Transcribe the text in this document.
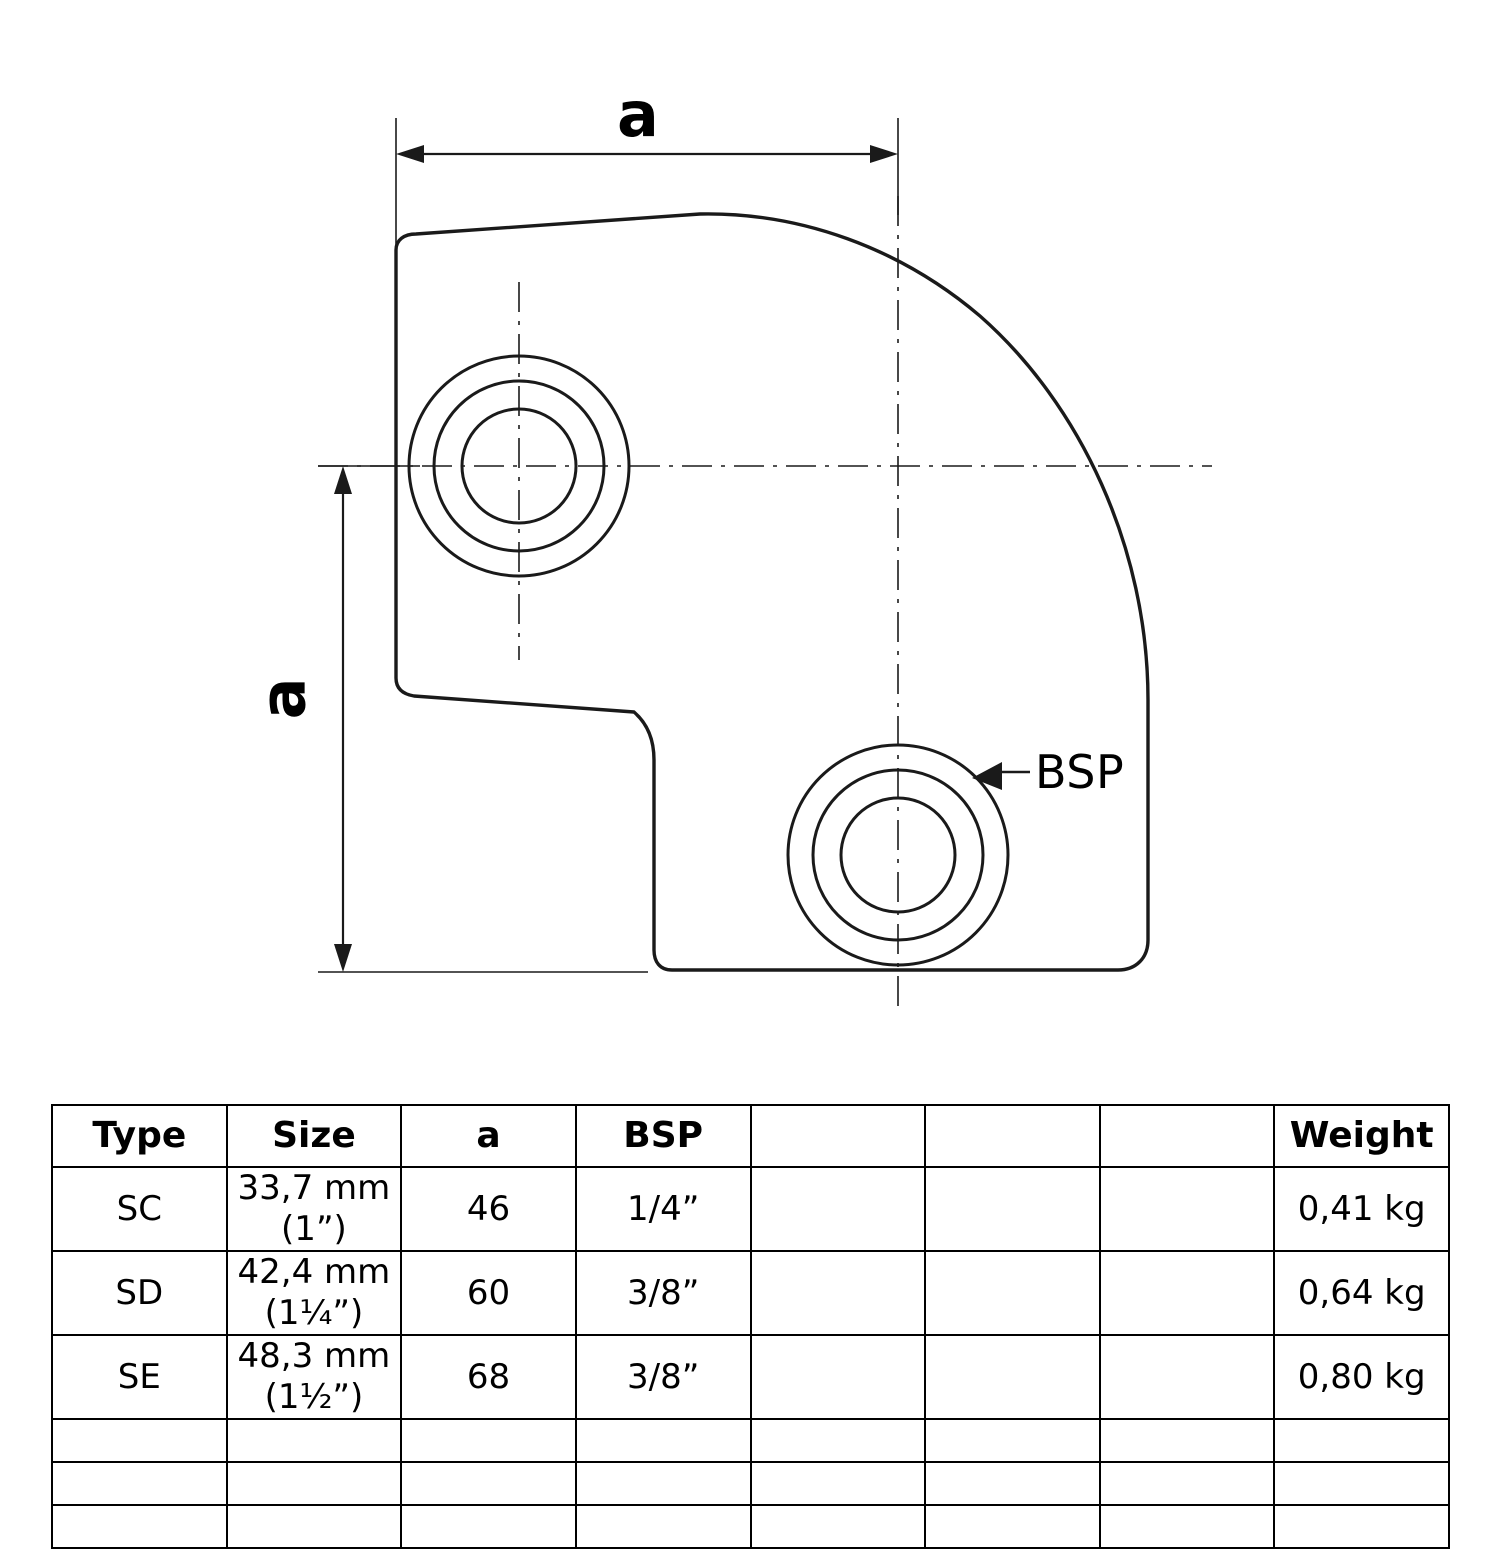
a
a
BSP
Type	Size	a	BSP				Weight
SC	33,7 mm (1”)	46	1/4”				0,41 kg
SD	42,4 mm (1¼”)	60	3/8”				0,64 kg
SE	48,3 mm (1½”)	68	3/8”				0,80 kg
